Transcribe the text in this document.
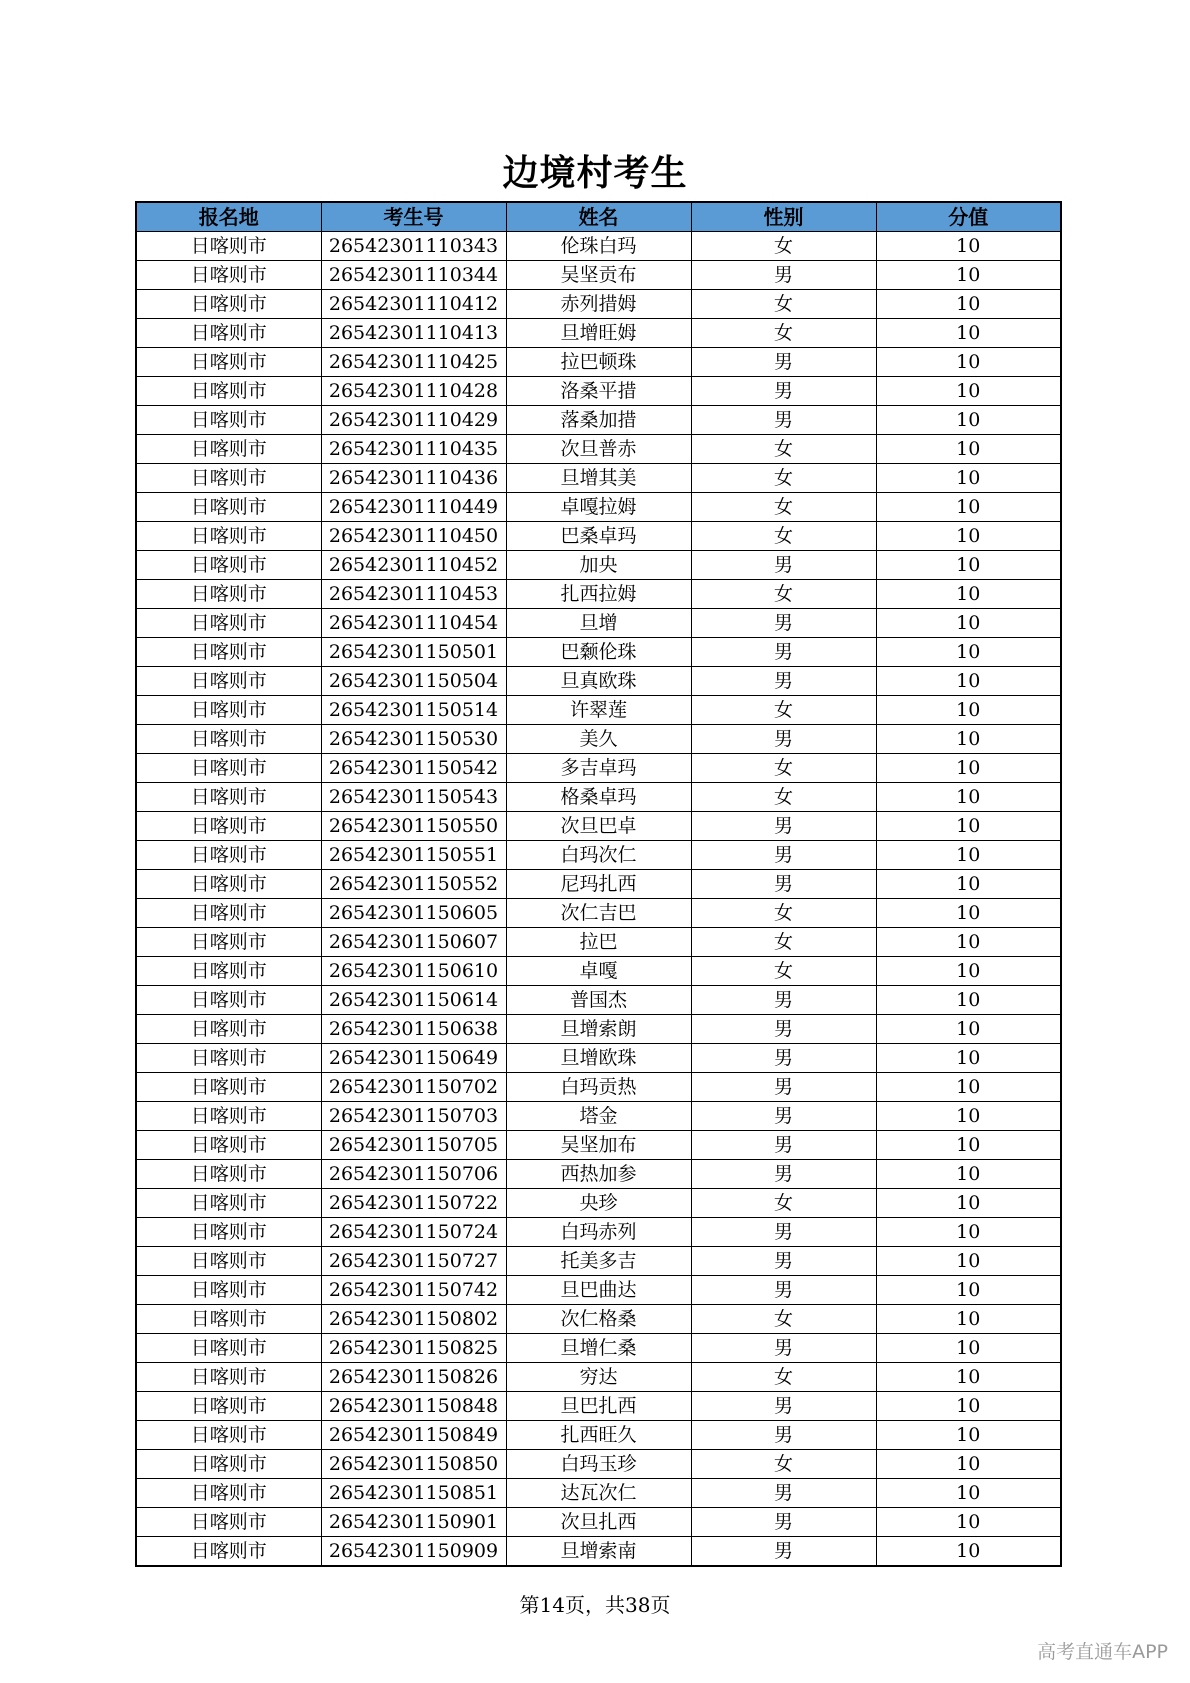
边境村考生
报名地	考生号	姓名	性别	分值
日喀则市	26542301110343	伦珠白玛	女	10
日喀则市	26542301110344	吴坚贡布	男	10
日喀则市	26542301110412	赤列措姆	女	10
日喀则市	26542301110413	旦增旺姆	女	10
日喀则市	26542301110425	拉巴顿珠	男	10
日喀则市	26542301110428	洛桑平措	男	10
日喀则市	26542301110429	落桑加措	男	10
日喀则市	26542301110435	次旦普赤	女	10
日喀则市	26542301110436	旦增其美	女	10
日喀则市	26542301110449	卓嘎拉姆	女	10
日喀则市	26542301110450	巴桑卓玛	女	10
日喀则市	26542301110452	加央	男	10
日喀则市	26542301110453	扎西拉姆	女	10
日喀则市	26542301110454	旦增	男	10
日喀则市	26542301150501	巴颡伦珠	男	10
日喀则市	26542301150504	旦真欧珠	男	10
日喀则市	26542301150514	许翠莲	女	10
日喀则市	26542301150530	美久	男	10
日喀则市	26542301150542	多吉卓玛	女	10
日喀则市	26542301150543	格桑卓玛	女	10
日喀则市	26542301150550	次旦巴卓	男	10
日喀则市	26542301150551	白玛次仁	男	10
日喀则市	26542301150552	尼玛扎西	男	10
日喀则市	26542301150605	次仁吉巴	女	10
日喀则市	26542301150607	拉巴	女	10
日喀则市	26542301150610	卓嘎	女	10
日喀则市	26542301150614	普国杰	男	10
日喀则市	26542301150638	旦增索朗	男	10
日喀则市	26542301150649	旦增欧珠	男	10
日喀则市	26542301150702	白玛贡热	男	10
日喀则市	26542301150703	塔金	男	10
日喀则市	26542301150705	吴坚加布	男	10
日喀则市	26542301150706	西热加参	男	10
日喀则市	26542301150722	央珍	女	10
日喀则市	26542301150724	白玛赤列	男	10
日喀则市	26542301150727	托美多吉	男	10
日喀则市	26542301150742	旦巴曲达	男	10
日喀则市	26542301150802	次仁格桑	女	10
日喀则市	26542301150825	旦增仁桑	男	10
日喀则市	26542301150826	穷达	女	10
日喀则市	26542301150848	旦巴扎西	男	10
日喀则市	26542301150849	扎西旺久	男	10
日喀则市	26542301150850	白玛玉珍	女	10
日喀则市	26542301150851	达瓦次仁	男	10
日喀则市	26542301150901	次旦扎西	男	10
日喀则市	26542301150909	旦增索南	男	10
第14页，共38页
高考直通车APP
